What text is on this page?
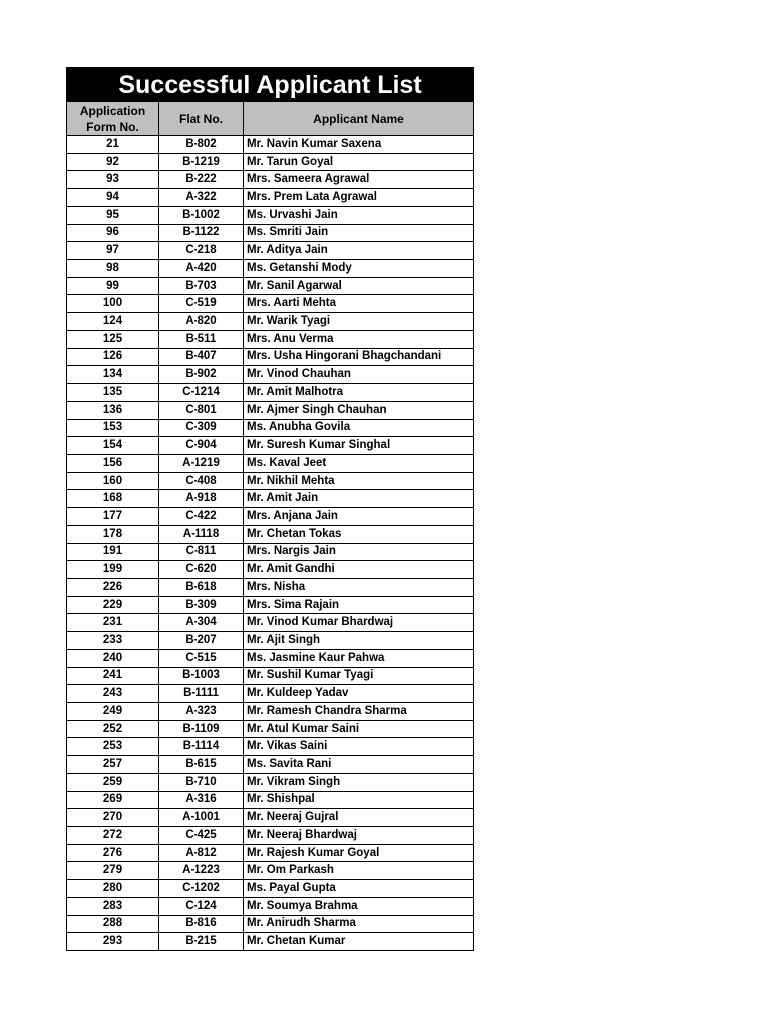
Successful Applicant List
Application Form No.	Flat No.	Applicant Name
21	B-802	Mr. Navin Kumar Saxena
92	B-1219	Mr. Tarun Goyal
93	B-222	Mrs. Sameera Agrawal
94	A-322	Mrs. Prem Lata Agrawal
95	B-1002	Ms. Urvashi Jain
96	B-1122	Ms. Smriti Jain
97	C-218	Mr. Aditya Jain
98	A-420	Ms. Getanshi Mody
99	B-703	Mr. Sanil Agarwal
100	C-519	Mrs. Aarti Mehta
124	A-820	Mr. Warik Tyagi
125	B-511	Mrs. Anu Verma
126	B-407	Mrs. Usha Hingorani Bhagchandani
134	B-902	Mr. Vinod Chauhan
135	C-1214	Mr. Amit Malhotra
136	C-801	Mr. Ajmer Singh Chauhan
153	C-309	Ms. Anubha Govila
154	C-904	Mr. Suresh Kumar Singhal
156	A-1219	Ms. Kaval Jeet
160	C-408	Mr. Nikhil Mehta
168	A-918	Mr. Amit Jain
177	C-422	Mrs. Anjana Jain
178	A-1118	Mr. Chetan Tokas
191	C-811	Mrs. Nargis Jain
199	C-620	Mr. Amit Gandhi
226	B-618	Mrs. Nisha
229	B-309	Mrs. Sima Rajain
231	A-304	Mr. Vinod Kumar Bhardwaj
233	B-207	Mr. Ajit Singh
240	C-515	Ms. Jasmine Kaur Pahwa
241	B-1003	Mr. Sushil Kumar Tyagi
243	B-1111	Mr. Kuldeep Yadav
249	A-323	Mr. Ramesh Chandra Sharma
252	B-1109	Mr. Atul Kumar Saini
253	B-1114	Mr. Vikas Saini
257	B-615	Ms. Savita Rani
259	B-710	Mr. Vikram Singh
269	A-316	Mr. Shishpal
270	A-1001	Mr. Neeraj Gujral
272	C-425	Mr. Neeraj Bhardwaj
276	A-812	Mr. Rajesh Kumar Goyal
279	A-1223	Mr. Om Parkash
280	C-1202	Ms. Payal Gupta
283	C-124	Mr. Soumya Brahma
288	B-816	Mr. Anirudh Sharma
293	B-215	Mr. Chetan Kumar
